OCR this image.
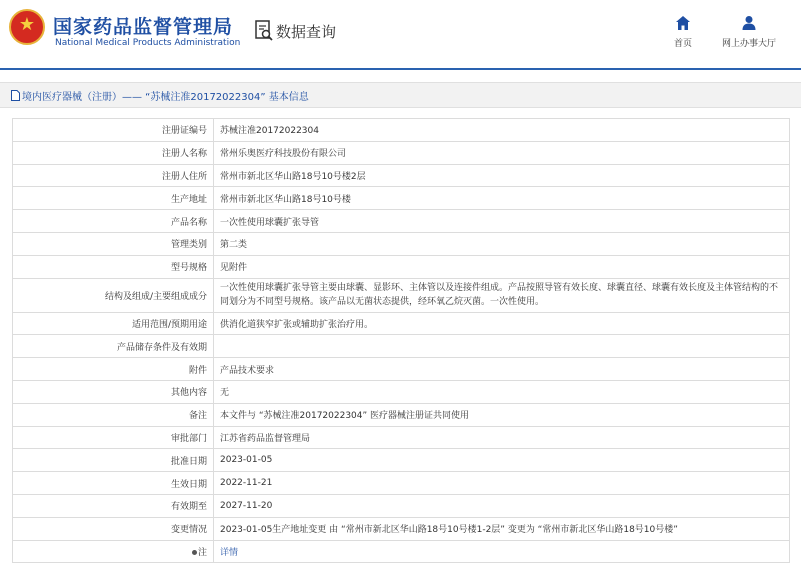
★ 国家药品监督管理局
National Medical Products Administration
数据查询
首页	网上办事大厅
境内医疗器械（注册）—— “苏械注准20172022304” 基本信息
注册证编号	苏械注准20172022304
注册人名称	常州乐奥医疗科技股份有限公司
注册人住所	常州市新北区华山路18号10号楼2层
生产地址	常州市新北区华山路18号10号楼
产品名称	一次性使用球囊扩张导管
管理类别	第二类
型号规格	见附件
结构及组成/主要组成成分	一次性使用球囊扩张导管主要由球囊、显影环、主体管以及连接件组成。产品按照导管有效长度、球囊直径、球囊有效长度及主体管结构的不同划分为不同型号规格。该产品以无菌状态提供，经环氧乙烷灭菌。一次性使用。
适用范围/预期用途	供消化道狭窄扩张或辅助扩张治疗用。
产品储存条件及有效期	
附件	产品技术要求
其他内容	无
备注	本文件与 “苏械注准20172022304” 医疗器械注册证共同使用
审批部门	江苏省药品监督管理局
批准日期	2023-01-05
生效日期	2022-11-21
有效期至	2027-11-20
变更情况	2023-01-05生产地址变更 由 “常州市新北区华山路18号10号楼1-2层” 变更为 “常州市新北区华山路18号10号楼”
注	详情
